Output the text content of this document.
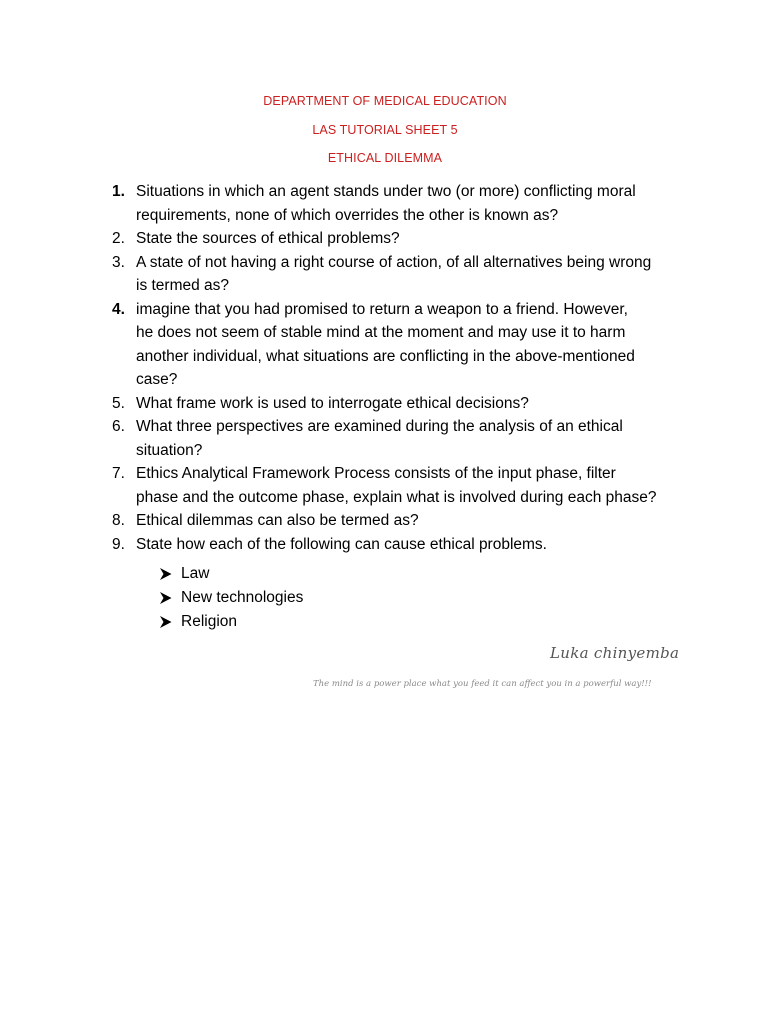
DEPARTMENT OF MEDICAL EDUCATION
LAS TUTORIAL SHEET 5
ETHICAL DILEMMA
1. Situations in which an agent stands under two (or more) conflicting moral
requirements, none of which overrides the other is known as?
2. State the sources of ethical problems?
3. A state of not having a right course of action, of all alternatives being wrong
is termed as?
4. imagine that you had promised to return a weapon to a friend. However,
he does not seem of stable mind at the moment and may use it to harm
another individual, what situations are conflicting in the above-mentioned
case?
5. What frame work is used to interrogate ethical decisions?
6. What three perspectives are examined during the analysis of an ethical
situation?
7. Ethics Analytical Framework Process consists of the input phase, filter
phase and the outcome phase, explain what is involved during each phase?
8. Ethical dilemmas can also be termed as?
9. State how each of the following can cause ethical problems.
Law
New technologies
Religion
Luka chinyemba
The mind is a power place what you feed it can affect you in a powerful way!!!
